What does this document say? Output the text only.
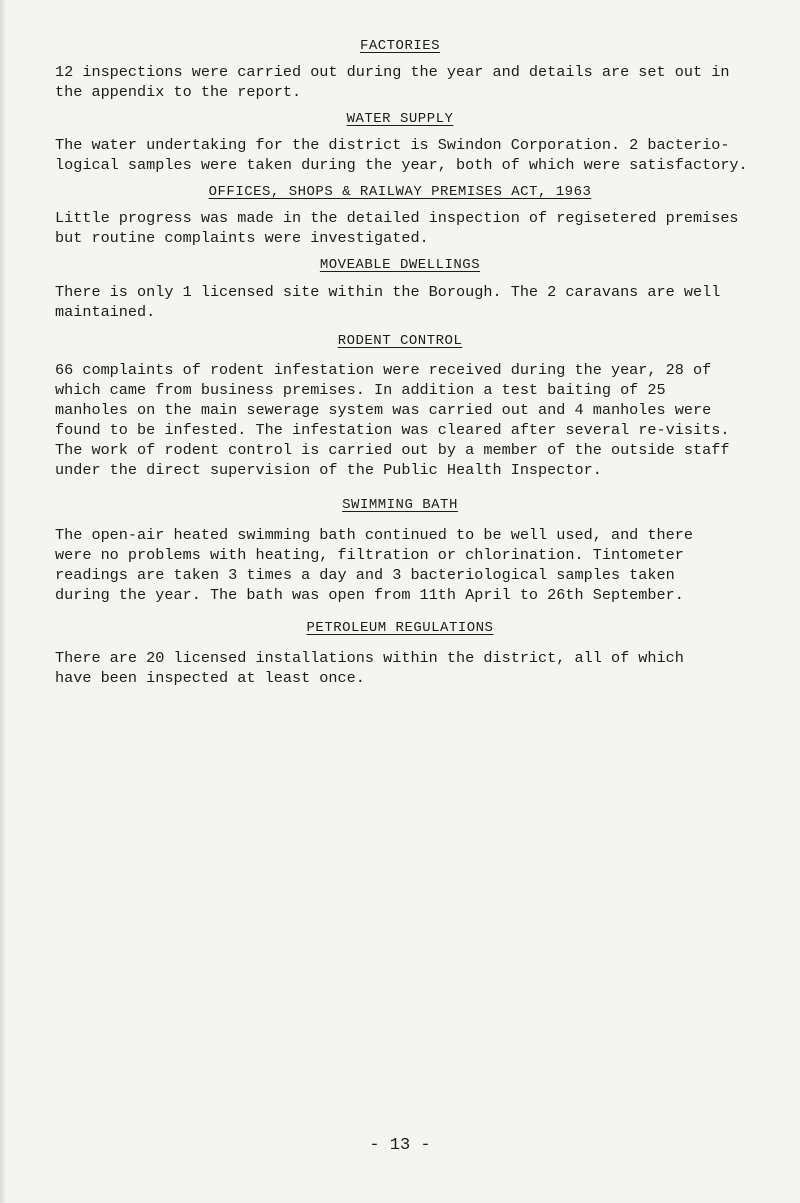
FACTORIES

12 inspections were carried out during the year and details are set out in
the appendix to the report.

WATER SUPPLY

The water undertaking for the district is Swindon Corporation. 2 bacterio-
logical samples were taken during the year, both of which were satisfactory.

OFFICES, SHOPS & RAILWAY PREMISES ACT, 1963

Little progress was made in the detailed inspection of regisetered premises
but routine complaints were investigated.

MOVEABLE DWELLINGS

There is only 1 licensed site within the Borough. The 2 caravans are well
maintained.

RODENT CONTROL

66 complaints of rodent infestation were received during the year, 28 of
which came from business premises. In addition a test baiting of 25
manholes on the main sewerage system was carried out and 4 manholes were
found to be infested. The infestation was cleared after several re-visits.
The work of rodent control is carried out by a member of the outside staff
under the direct supervision of the Public Health Inspector.

SWIMMING BATH

The open-air heated swimming bath continued to be well used, and there
were no problems with heating, filtration or chlorination. Tintometer
readings are taken 3 times a day and 3 bacteriological samples taken
during the year. The bath was open from 11th April to 26th September.

PETROLEUM REGULATIONS

There are 20 licensed installations within the district, all of which
have been inspected at least once.

- 13 -
